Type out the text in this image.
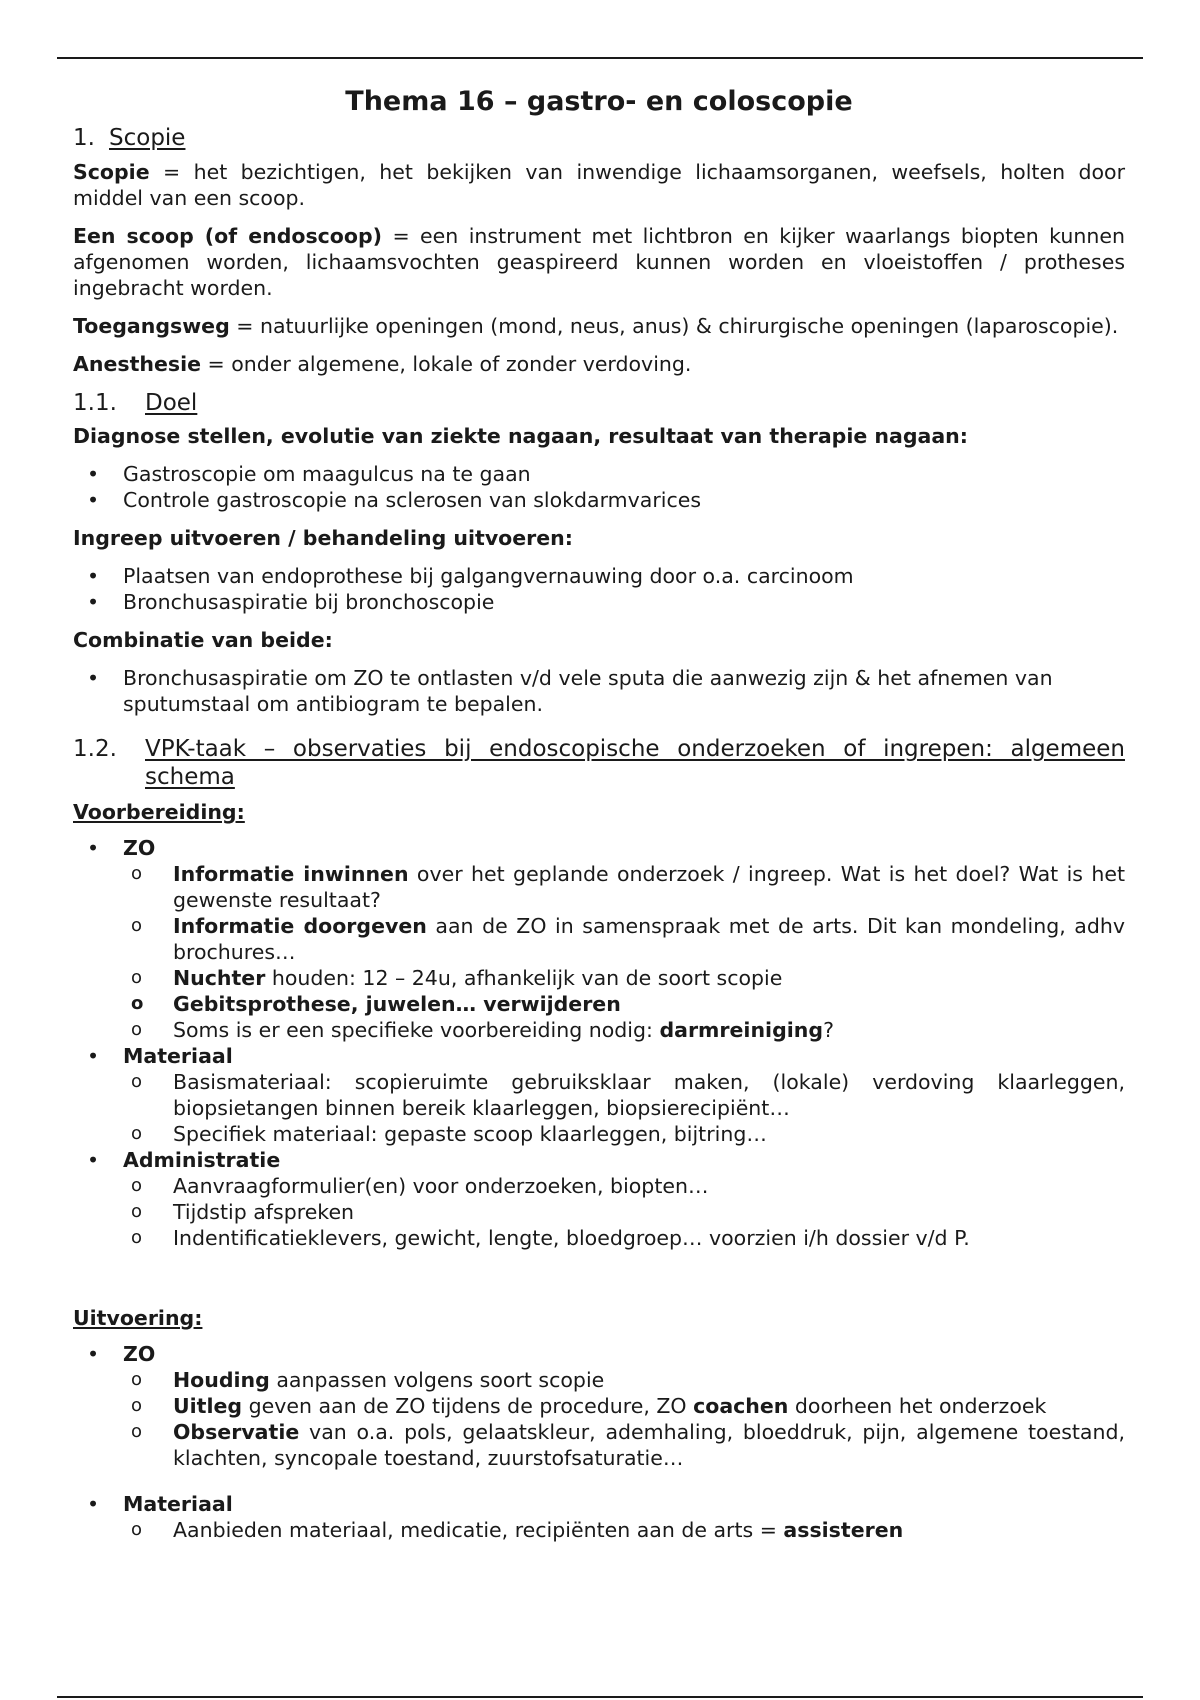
Thema 16 – gastro- en coloscopie
1. Scopie

Scopie = het bezichtigen, het bekijken van inwendige lichaamsorganen, weefsels, holten door middel van een scoop.

Een scoop (of endoscoop) = een instrument met lichtbron en kijker waarlangs biopten kunnen afgenomen worden, lichaamsvochten geaspireerd kunnen worden en vloeistoffen / protheses ingebracht worden.

Toegangsweg = natuurlijke openingen (mond, neus, anus) & chirurgische openingen (laparoscopie).

Anesthesie = onder algemene, lokale of zonder verdoving.

1.1.	Doel
Diagnose stellen, evolutie van ziekte nagaan, resultaat van therapie nagaan:
•	Gastroscopie om maagulcus na te gaan
•	Controle gastroscopie na sclerosen van slokdarmvarices
Ingreep uitvoeren / behandeling uitvoeren:
•	Plaatsen van endoprothese bij galgangvernauwing door o.a. carcinoom
•	Bronchusaspiratie bij bronchoscopie
Combinatie van beide:
•	Bronchusaspiratie om ZO te ontlasten v/d vele sputa die aanwezig zijn & het afnemen van sputumstaal om antibiogram te bepalen.
1.2.	VPK-taak – observaties bij endoscopische onderzoeken of ingrepen: algemeen schema
Voorbereiding:
•	ZO
o	Informatie inwinnen over het geplande onderzoek / ingreep. Wat is het doel? Wat is het gewenste resultaat?
o	Informatie doorgeven aan de ZO in samenspraak met de arts. Dit kan mondeling, adhv brochures…
o	Nuchter houden: 12 – 24u, afhankelijk van de soort scopie
o	Gebitsprothese, juwelen… verwijderen
o	Soms is er een specifieke voorbereiding nodig: darmreiniging?
•	Materiaal
o	Basismateriaal: scopieruimte gebruiksklaar maken, (lokale) verdoving klaarleggen, biopsietangen binnen bereik klaarleggen, biopsierecipiënt…
o	Specifiek materiaal: gepaste scoop klaarleggen, bijtring…
•	Administratie
o	Aanvraagformulier(en) voor onderzoeken, biopten…
o	Tijdstip afspreken
o	Indentificatieklevers, gewicht, lengte, bloedgroep… voorzien i/h dossier v/d P.
Uitvoering:
•	ZO
o	Houding aanpassen volgens soort scopie
o	Uitleg geven aan de ZO tijdens de procedure, ZO coachen doorheen het onderzoek
o	Observatie van o.a. pols, gelaatskleur, ademhaling, bloeddruk, pijn, algemene toestand, klachten, syncopale toestand, zuurstofsaturatie…
•	Materiaal
o	Aanbieden materiaal, medicatie, recipiënten aan de arts = assisteren
